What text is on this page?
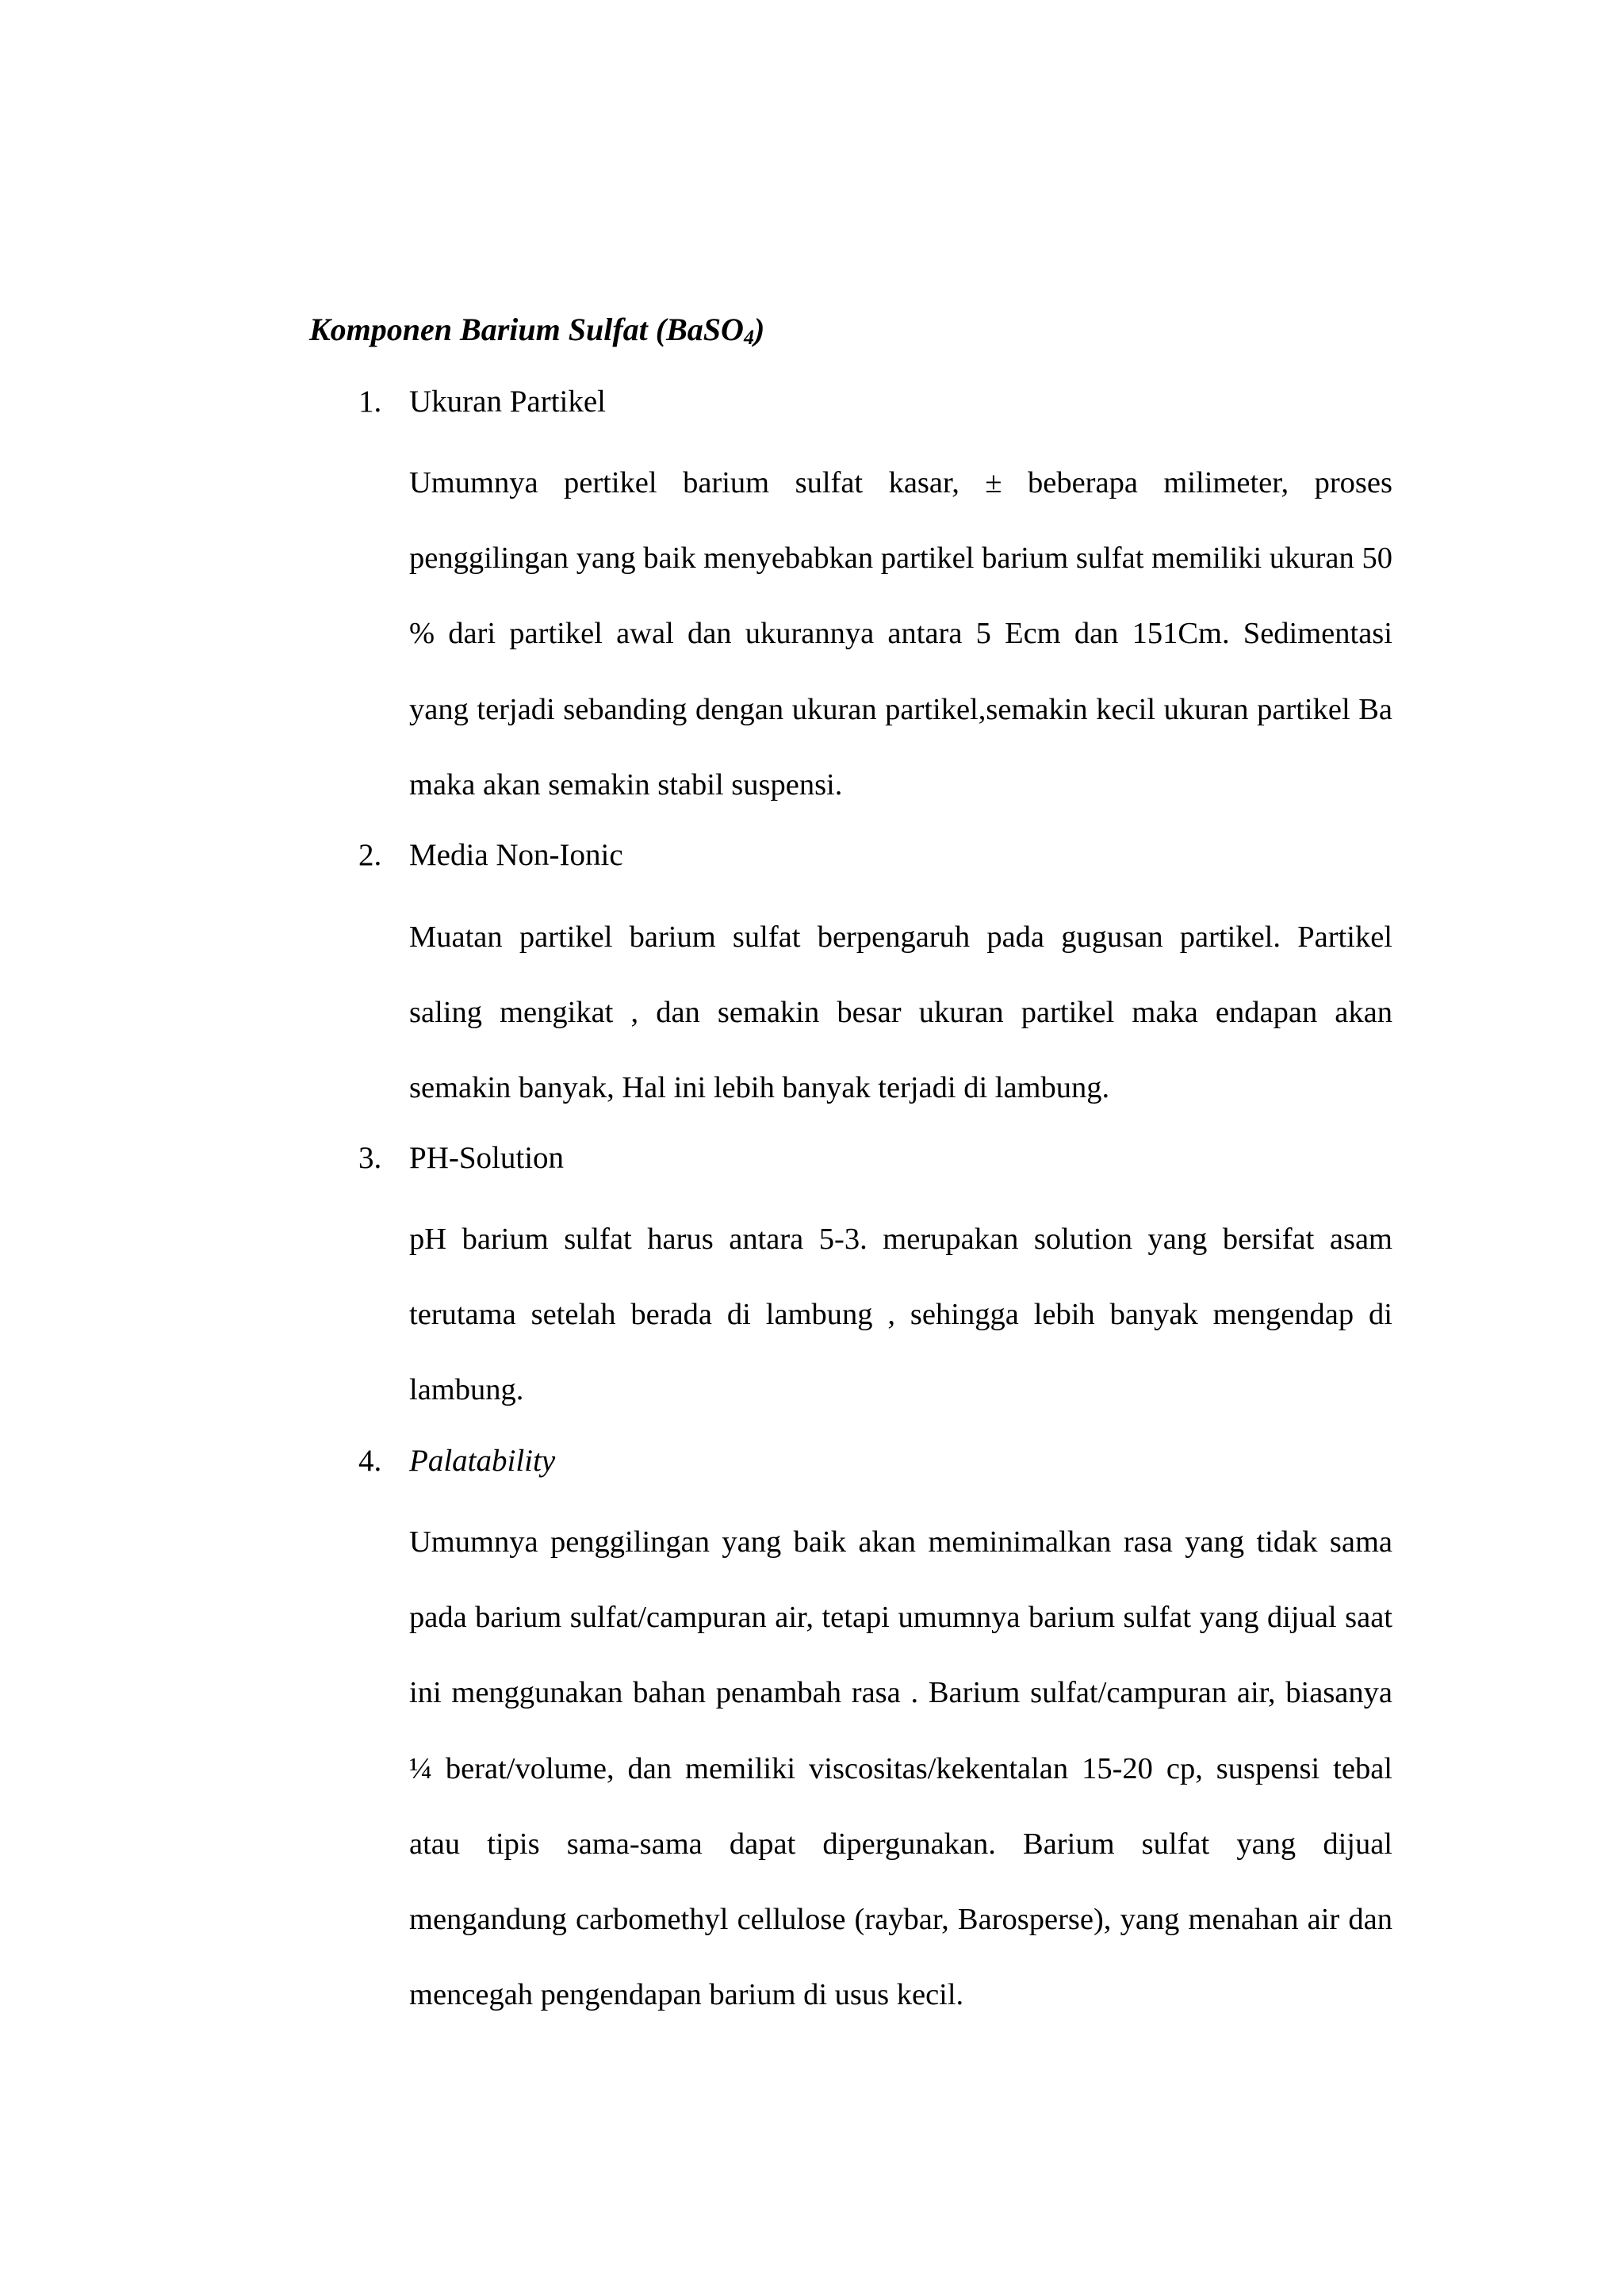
Komponen Barium Sulfat (BaSO$_4$)
1. Ukuran Partikel

Umumnya pertikel barium sulfat kasar, ± beberapa milimeter, proses penggilingan yang baik menyebabkan partikel barium sulfat memiliki ukuran 50 % dari partikel awal dan ukurannya antara 5 Ecm dan 151Cm. Sedimentasi yang terjadi sebanding dengan ukuran partikel,semakin kecil ukuran partikel Ba maka akan semakin stabil suspensi.

2. Media Non-Ionic

Muatan partikel barium sulfat berpengaruh pada gugusan partikel. Partikel saling mengikat , dan semakin besar ukuran partikel maka endapan akan semakin banyak, Hal ini lebih banyak terjadi di lambung.

3. PH-Solution

pH barium sulfat harus antara 5-3. merupakan solution yang bersifat asam terutama setelah berada di lambung , sehingga lebih banyak mengendap di lambung.

4. Palatability

Umumnya penggilingan yang baik akan meminimalkan rasa yang tidak sama pada barium sulfat/campuran air, tetapi umumnya barium sulfat yang dijual saat ini menggunakan bahan penambah rasa . Barium sulfat/campuran air, biasanya ¼ berat/volume, dan memiliki viscositas/kekentalan 15-20 cp, suspensi tebal atau tipis sama-sama dapat dipergunakan. Barium sulfat yang dijual mengandung carbomethyl cellulose (raybar, Barosperse), yang menahan air dan mencegah pengendapan barium di usus kecil.
